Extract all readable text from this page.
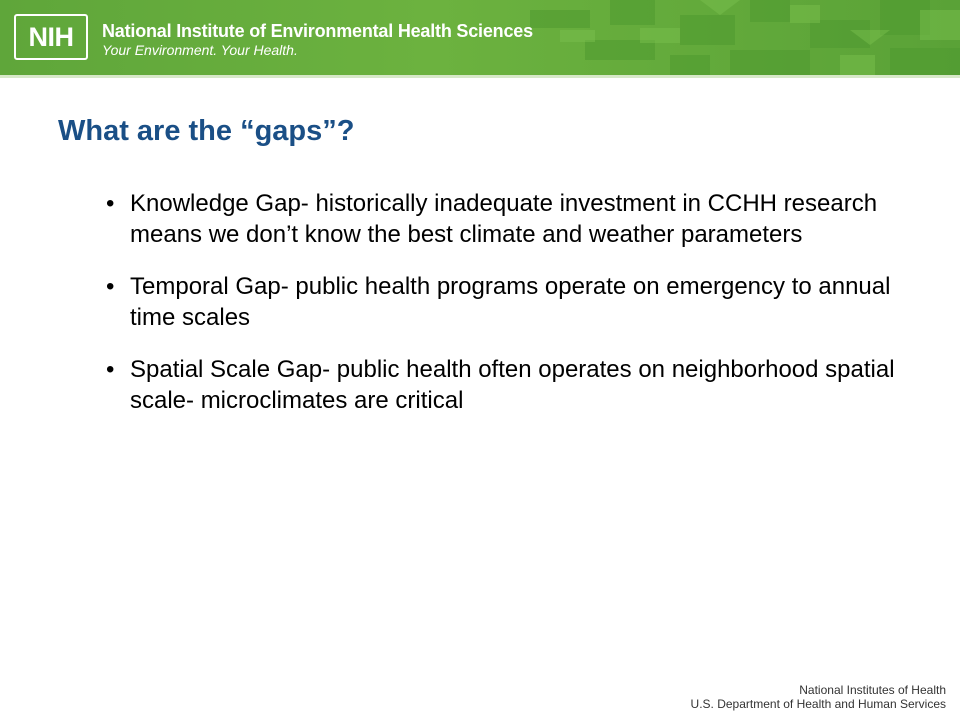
NIH National Institute of Environmental Health Sciences
Your Environment. Your Health.
What are the “gaps”?
• Knowledge Gap- historically inadequate investment in CCHH research means we don’t know the best climate and weather parameters
• Temporal Gap- public health programs operate on emergency to annual time scales
• Spatial Scale Gap- public health often operates on neighborhood spatial scale- microclimates are critical
National Institutes of Health
U.S. Department of Health and Human Services
